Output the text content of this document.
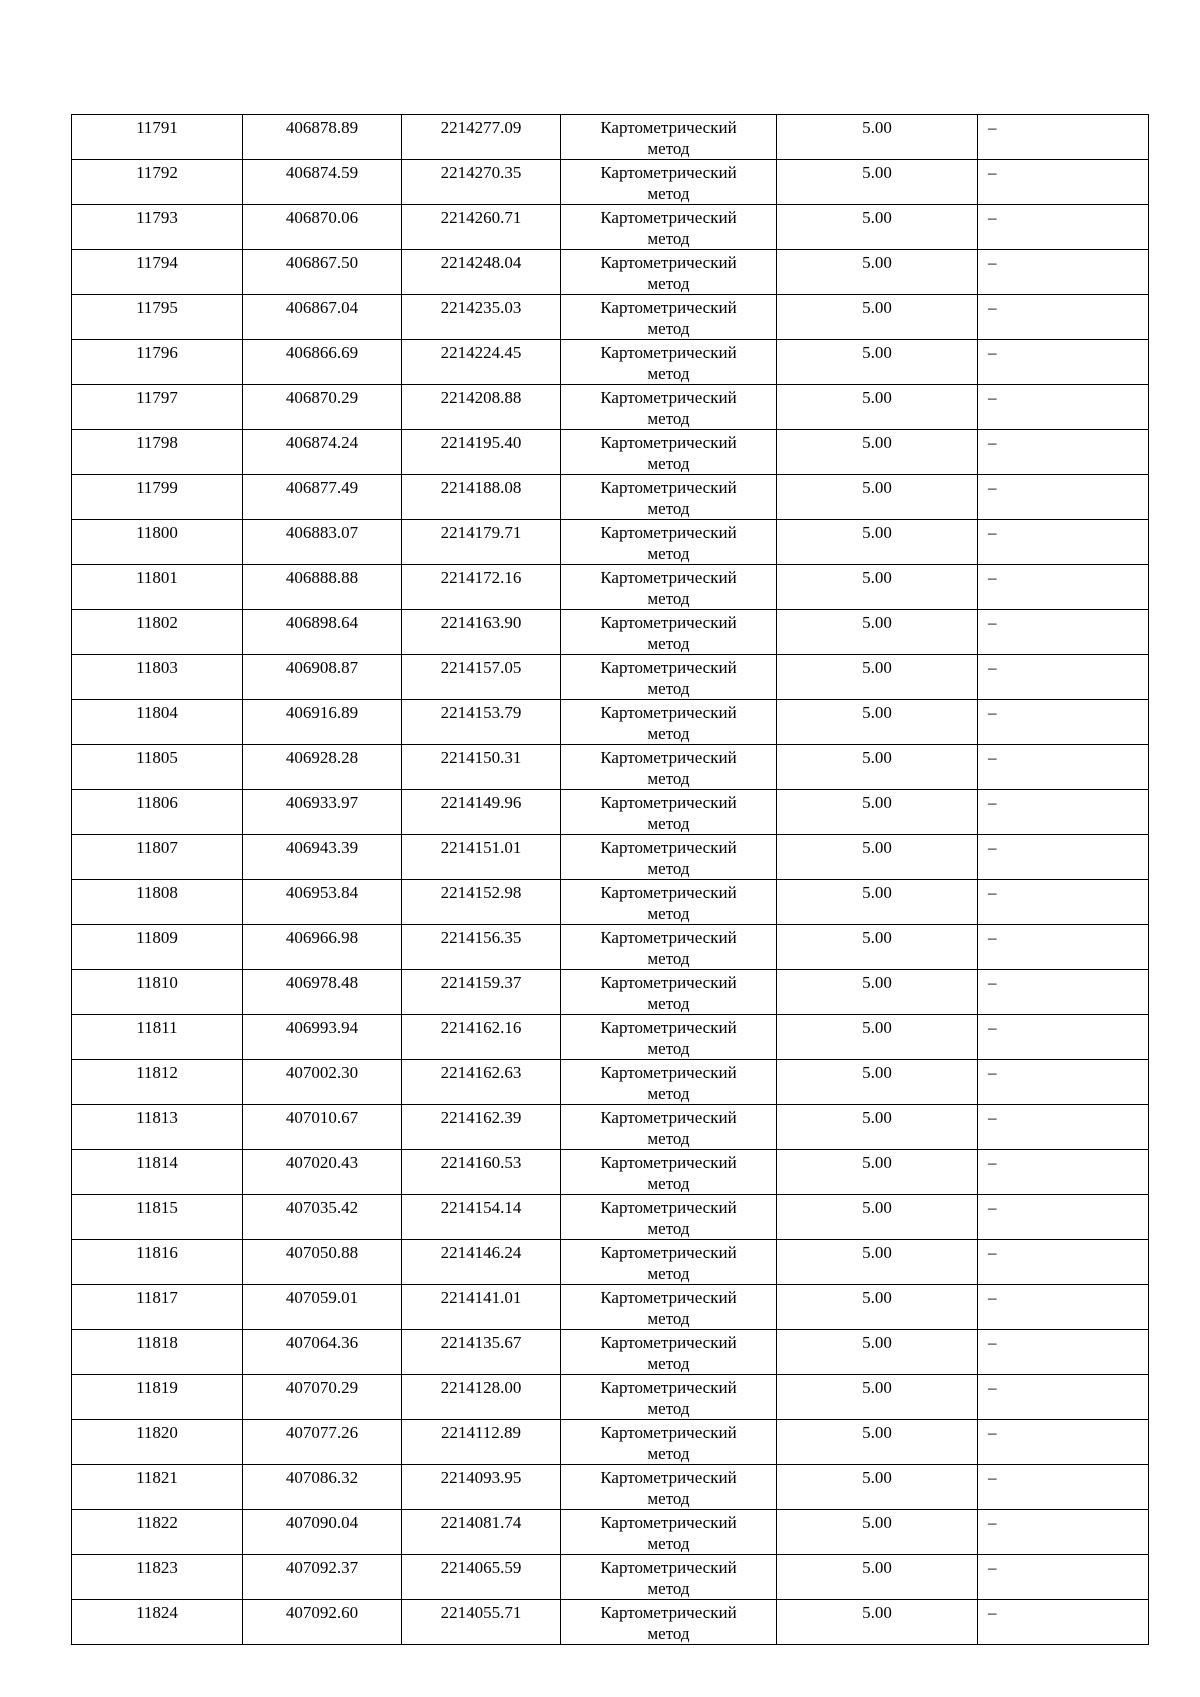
11791	406878.89	2214277.09	Картометрический метод	5.00	–

11792	406874.59	2214270.35	Картометрический метод	5.00	–

11793	406870.06	2214260.71	Картометрический метод	5.00	–

11794	406867.50	2214248.04	Картометрический метод	5.00	–

11795	406867.04	2214235.03	Картометрический метод	5.00	–

11796	406866.69	2214224.45	Картометрический метод	5.00	–

11797	406870.29	2214208.88	Картометрический метод	5.00	–

11798	406874.24	2214195.40	Картометрический метод	5.00	–

11799	406877.49	2214188.08	Картометрический метод	5.00	–

11800	406883.07	2214179.71	Картометрический метод	5.00	–

11801	406888.88	2214172.16	Картометрический метод	5.00	–

11802	406898.64	2214163.90	Картометрический метод	5.00	–

11803	406908.87	2214157.05	Картометрический метод	5.00	–

11804	406916.89	2214153.79	Картометрический метод	5.00	–

11805	406928.28	2214150.31	Картометрический метод	5.00	–

11806	406933.97	2214149.96	Картометрический метод	5.00	–

11807	406943.39	2214151.01	Картометрический метод	5.00	–

11808	406953.84	2214152.98	Картометрический метод	5.00	–

11809	406966.98	2214156.35	Картометрический метод	5.00	–

11810	406978.48	2214159.37	Картометрический метод	5.00	–

11811	406993.94	2214162.16	Картометрический метод	5.00	–

11812	407002.30	2214162.63	Картометрический метод	5.00	–

11813	407010.67	2214162.39	Картометрический метод	5.00	–

11814	407020.43	2214160.53	Картометрический метод	5.00	–

11815	407035.42	2214154.14	Картометрический метод	5.00	–

11816	407050.88	2214146.24	Картометрический метод	5.00	–

11817	407059.01	2214141.01	Картометрический метод	5.00	–

11818	407064.36	2214135.67	Картометрический метод	5.00	–

11819	407070.29	2214128.00	Картометрический метод	5.00	–

11820	407077.26	2214112.89	Картометрический метод	5.00	–

11821	407086.32	2214093.95	Картометрический метод	5.00	–

11822	407090.04	2214081.74	Картометрический метод	5.00	–

11823	407092.37	2214065.59	Картометрический метод	5.00	–

11824	407092.60	2214055.71	Картометрический метод	5.00	–
